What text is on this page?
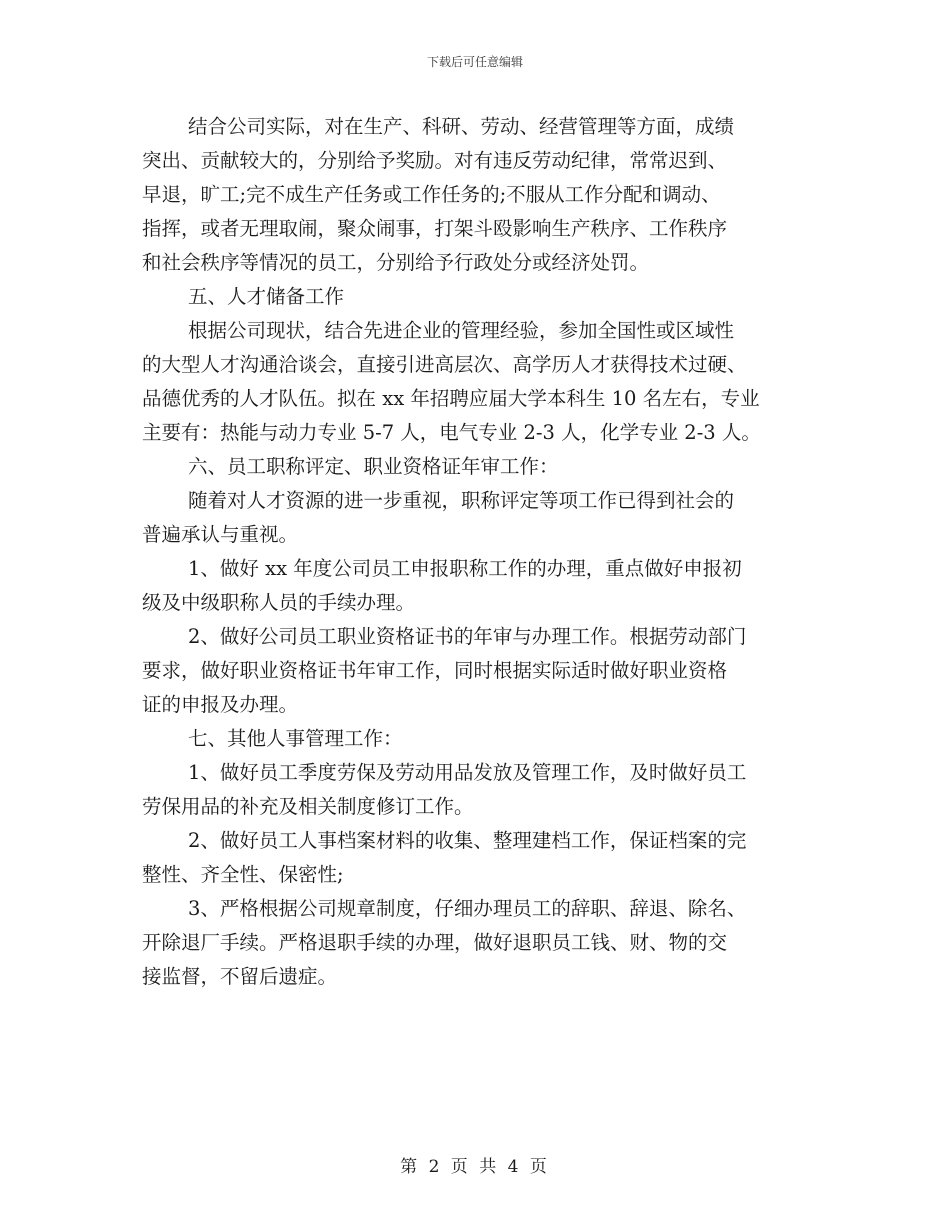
下载后可任意编辑
结合公司实际，对在生产、科研、劳动、经营管理等方面，成绩
突出、贡献较大的，分别给予奖励。对有违反劳动纪律，常常迟到、
早退，旷工;完不成生产任务或工作任务的;不服从工作分配和调动、
指挥，或者无理取闹，聚众闹事，打架斗殴影响生产秩序、工作秩序
和社会秩序等情况的员工，分别给予行政处分或经济处罚。
五、人才储备工作
根据公司现状，结合先进企业的管理经验，参加全国性或区域性
的大型人才沟通洽谈会，直接引进高层次、高学历人才获得技术过硬、
品德优秀的人才队伍。拟在 xx 年招聘应届大学本科生 10 名左右，专业
主要有：热能与动力专业 5-7 人，电气专业 2-3 人，化学专业 2-3 人。
六、员工职称评定、职业资格证年审工作：
随着对人才资源的进一步重视，职称评定等项工作已得到社会的
普遍承认与重视。
1、做好 xx 年度公司员工申报职称工作的办理，重点做好申报初
级及中级职称人员的手续办理。
2、做好公司员工职业资格证书的年审与办理工作。根据劳动部门
要求，做好职业资格证书年审工作，同时根据实际适时做好职业资格
证的申报及办理。
七、其他人事管理工作：
1、做好员工季度劳保及劳动用品发放及管理工作，及时做好员工
劳保用品的补充及相关制度修订工作。
2、做好员工人事档案材料的收集、整理建档工作，保证档案的完
整性、齐全性、保密性;
3、严格根据公司规章制度，仔细办理员工的辞职、辞退、除名、
开除退厂手续。严格退职手续的办理，做好退职员工钱、财、物的交
接监督，不留后遗症。
第 2 页 共 4 页
